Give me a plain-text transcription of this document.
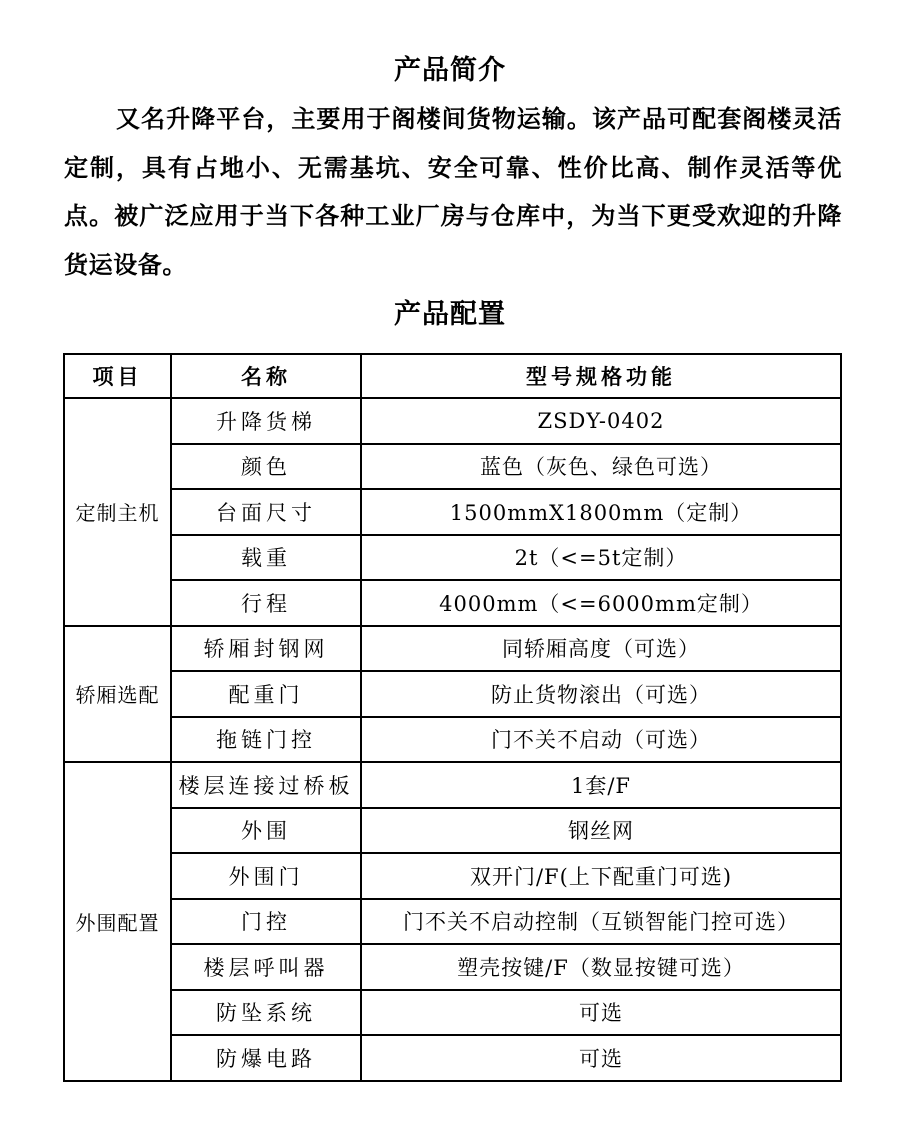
产品简介

又名升降平台，主要用于阁楼间货物运输。该产品可配套阁楼灵活定制，具有占地小、无需基坑、安全可靠、性价比高、制作灵活等优点。被广泛应用于当下各种工业厂房与仓库中，为当下更受欢迎的升降货运设备。

产品配置
项目	名称	型号规格功能
定制主机	升降货梯	ZSDY-0402
	颜色	蓝色（灰色、绿色可选）
	台面尺寸	1500mmX1800mm（定制）
	载重	2t（<=5t定制）
	行程	4000mm（<=6000mm定制）
轿厢选配	轿厢封钢网	同轿厢高度（可选）
	配重门	防止货物滚出（可选）
	拖链门控	门不关不启动（可选）
外围配置	楼层连接过桥板	1套/F
	外围	钢丝网
	外围门	双开门/F(上下配重门可选)
	门控	门不关不启动控制（互锁智能门控可选）
	楼层呼叫器	塑壳按键/F（数显按键可选）
	防坠系统	可选
	防爆电路	可选
